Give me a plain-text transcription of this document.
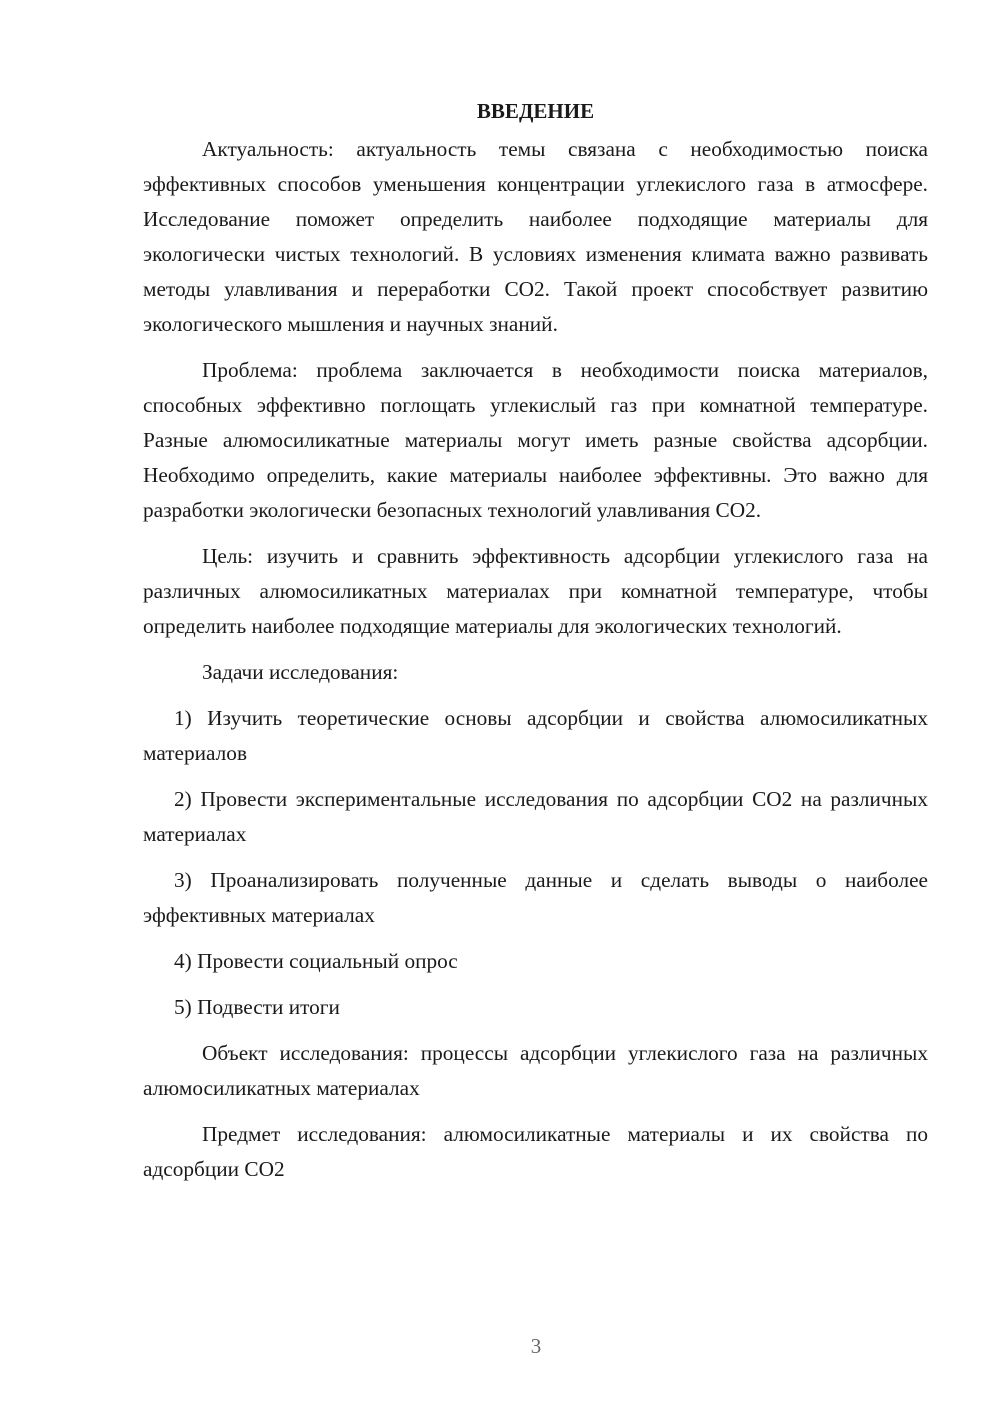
ВВЕДЕНИЕ

Актуальность: актуальность темы связана с необходимостью поиска эффективных способов уменьшения концентрации углекислого газа в атмосфере. Исследование поможет определить наиболее подходящие материалы для экологически чистых технологий. В условиях изменения климата важно развивать методы улавливания и переработки СО2. Такой проект способствует развитию экологического мышления и научных знаний.

Проблема: проблема заключается в необходимости поиска материалов, способных эффективно поглощать углекислый газ при комнатной температуре. Разные алюмосиликатные материалы могут иметь разные свойства адсорбции. Необходимо определить, какие материалы наиболее эффективны. Это важно для разработки экологически безопасных технологий улавливания СО2.

Цель: изучить и сравнить эффективность адсорбции углекислого газа на различных алюмосиликатных материалах при комнатной температуре, чтобы определить наиболее подходящие материалы для экологических технологий.

Задачи исследования:

1) Изучить теоретические основы адсорбции и свойства алюмосиликатных материалов

2) Провести экспериментальные исследования по адсорбции СО2 на различных материалах

3) Проанализировать полученные данные и сделать выводы о наиболее эффективных материалах

4) Провести социальный опрос

5) Подвести итоги

Объект исследования: процессы адсорбции углекислого газа на различных алюмосиликатных материалах

Предмет исследования: алюмосиликатные материалы и их свойства по адсорбции СО2

3
